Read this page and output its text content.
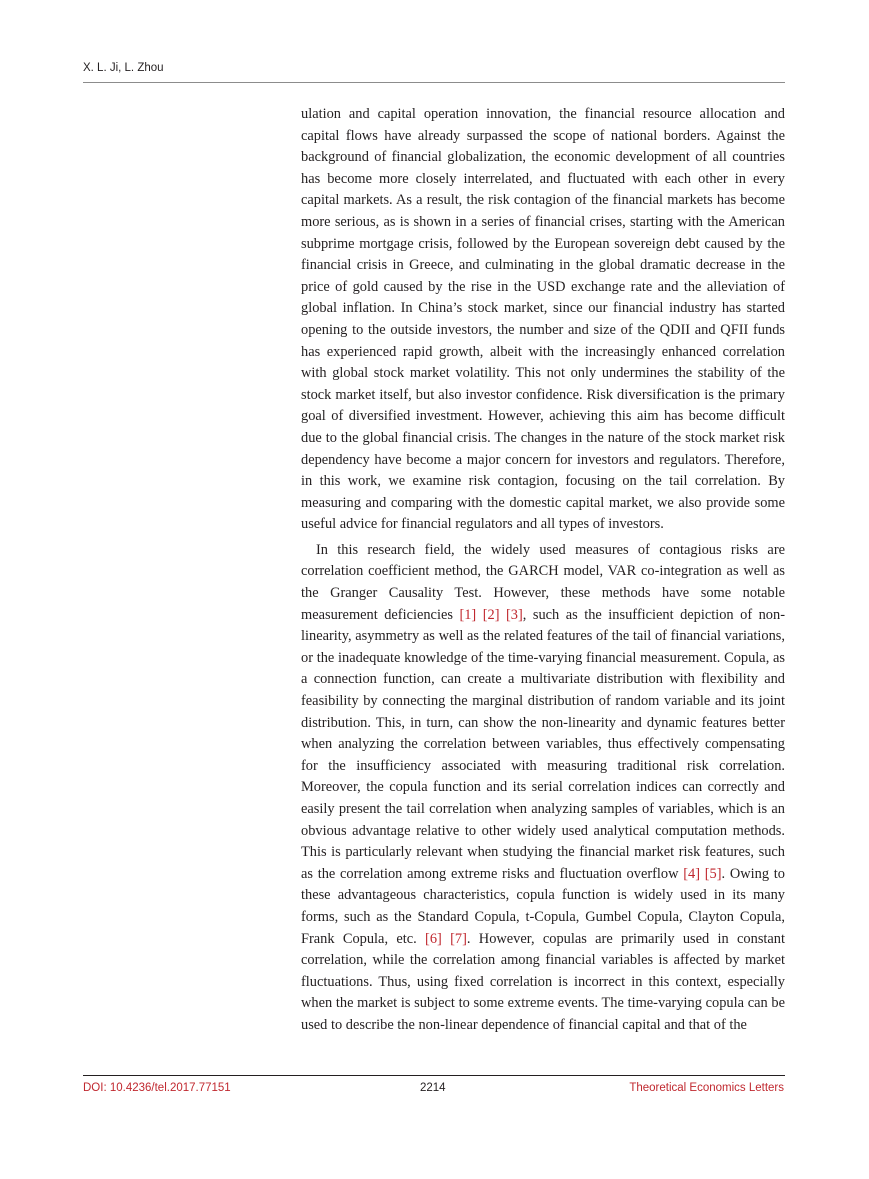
X. L. Ji, L. Zhou

ulation and capital operation innovation, the financial resource allocation and capital flows have already surpassed the scope of national borders. Against the background of financial globalization, the economic development of all countries has become more closely interrelated, and fluctuated with each other in every capital markets. As a result, the risk contagion of the financial markets has become more serious, as is shown in a series of financial crises, starting with the American subprime mortgage crisis, followed by the European sovereign debt caused by the financial crisis in Greece, and culminating in the global dramatic decrease in the price of gold caused by the rise in the USD exchange rate and the alleviation of global inflation. In China’s stock market, since our financial industry has started opening to the outside investors, the number and size of the QDII and QFII funds has experienced rapid growth, albeit with the increasingly enhanced correlation with global stock market volatility. This not only undermines the stability of the stock market itself, but also investor confidence. Risk diversification is the primary goal of diversified investment. However, achieving this aim has become difficult due to the global financial crisis. The changes in the nature of the stock market risk dependency have become a major concern for investors and regulators. Therefore, in this work, we examine risk contagion, focusing on the tail correlation. By measuring and comparing with the domestic capital market, we also provide some useful advice for financial regulators and all types of investors.

In this research field, the widely used measures of contagious risks are correlation coefficient method, the GARCH model, VAR co-integration as well as the Granger Causality Test. However, these methods have some notable measurement deficiencies [1] [2] [3], such as the insufficient depiction of non-linearity, asymmetry as well as the related features of the tail of financial variations, or the inadequate knowledge of the time-varying financial measurement. Copula, as a connection function, can create a multivariate distribution with flexibility and feasibility by connecting the marginal distribution of random variable and its joint distribution. This, in turn, can show the non-linearity and dynamic features better when analyzing the correlation between variables, thus effectively compensating for the insufficiency associated with measuring traditional risk correlation. Moreover, the copula function and its serial correlation indices can correctly and easily present the tail correlation when analyzing samples of variables, which is an obvious advantage relative to other widely used analytical computation methods. This is particularly relevant when studying the financial market risk features, such as the correlation among extreme risks and fluctuation overflow [4] [5]. Owing to these advantageous characteristics, copula function is widely used in its many forms, such as the Standard Copula, t-Copula, Gumbel Copula, Clayton Copula, Frank Copula, etc. [6] [7]. However, copulas are primarily used in constant correlation, while the correlation among financial variables is affected by market fluctuations. Thus, using fixed correlation is incorrect in this context, especially when the market is subject to some extreme events. The time-varying copula can be used to describe the non-linear dependence of financial capital and that of the

DOI: 10.4236/tel.2017.77151	2214	Theoretical Economics Letters
